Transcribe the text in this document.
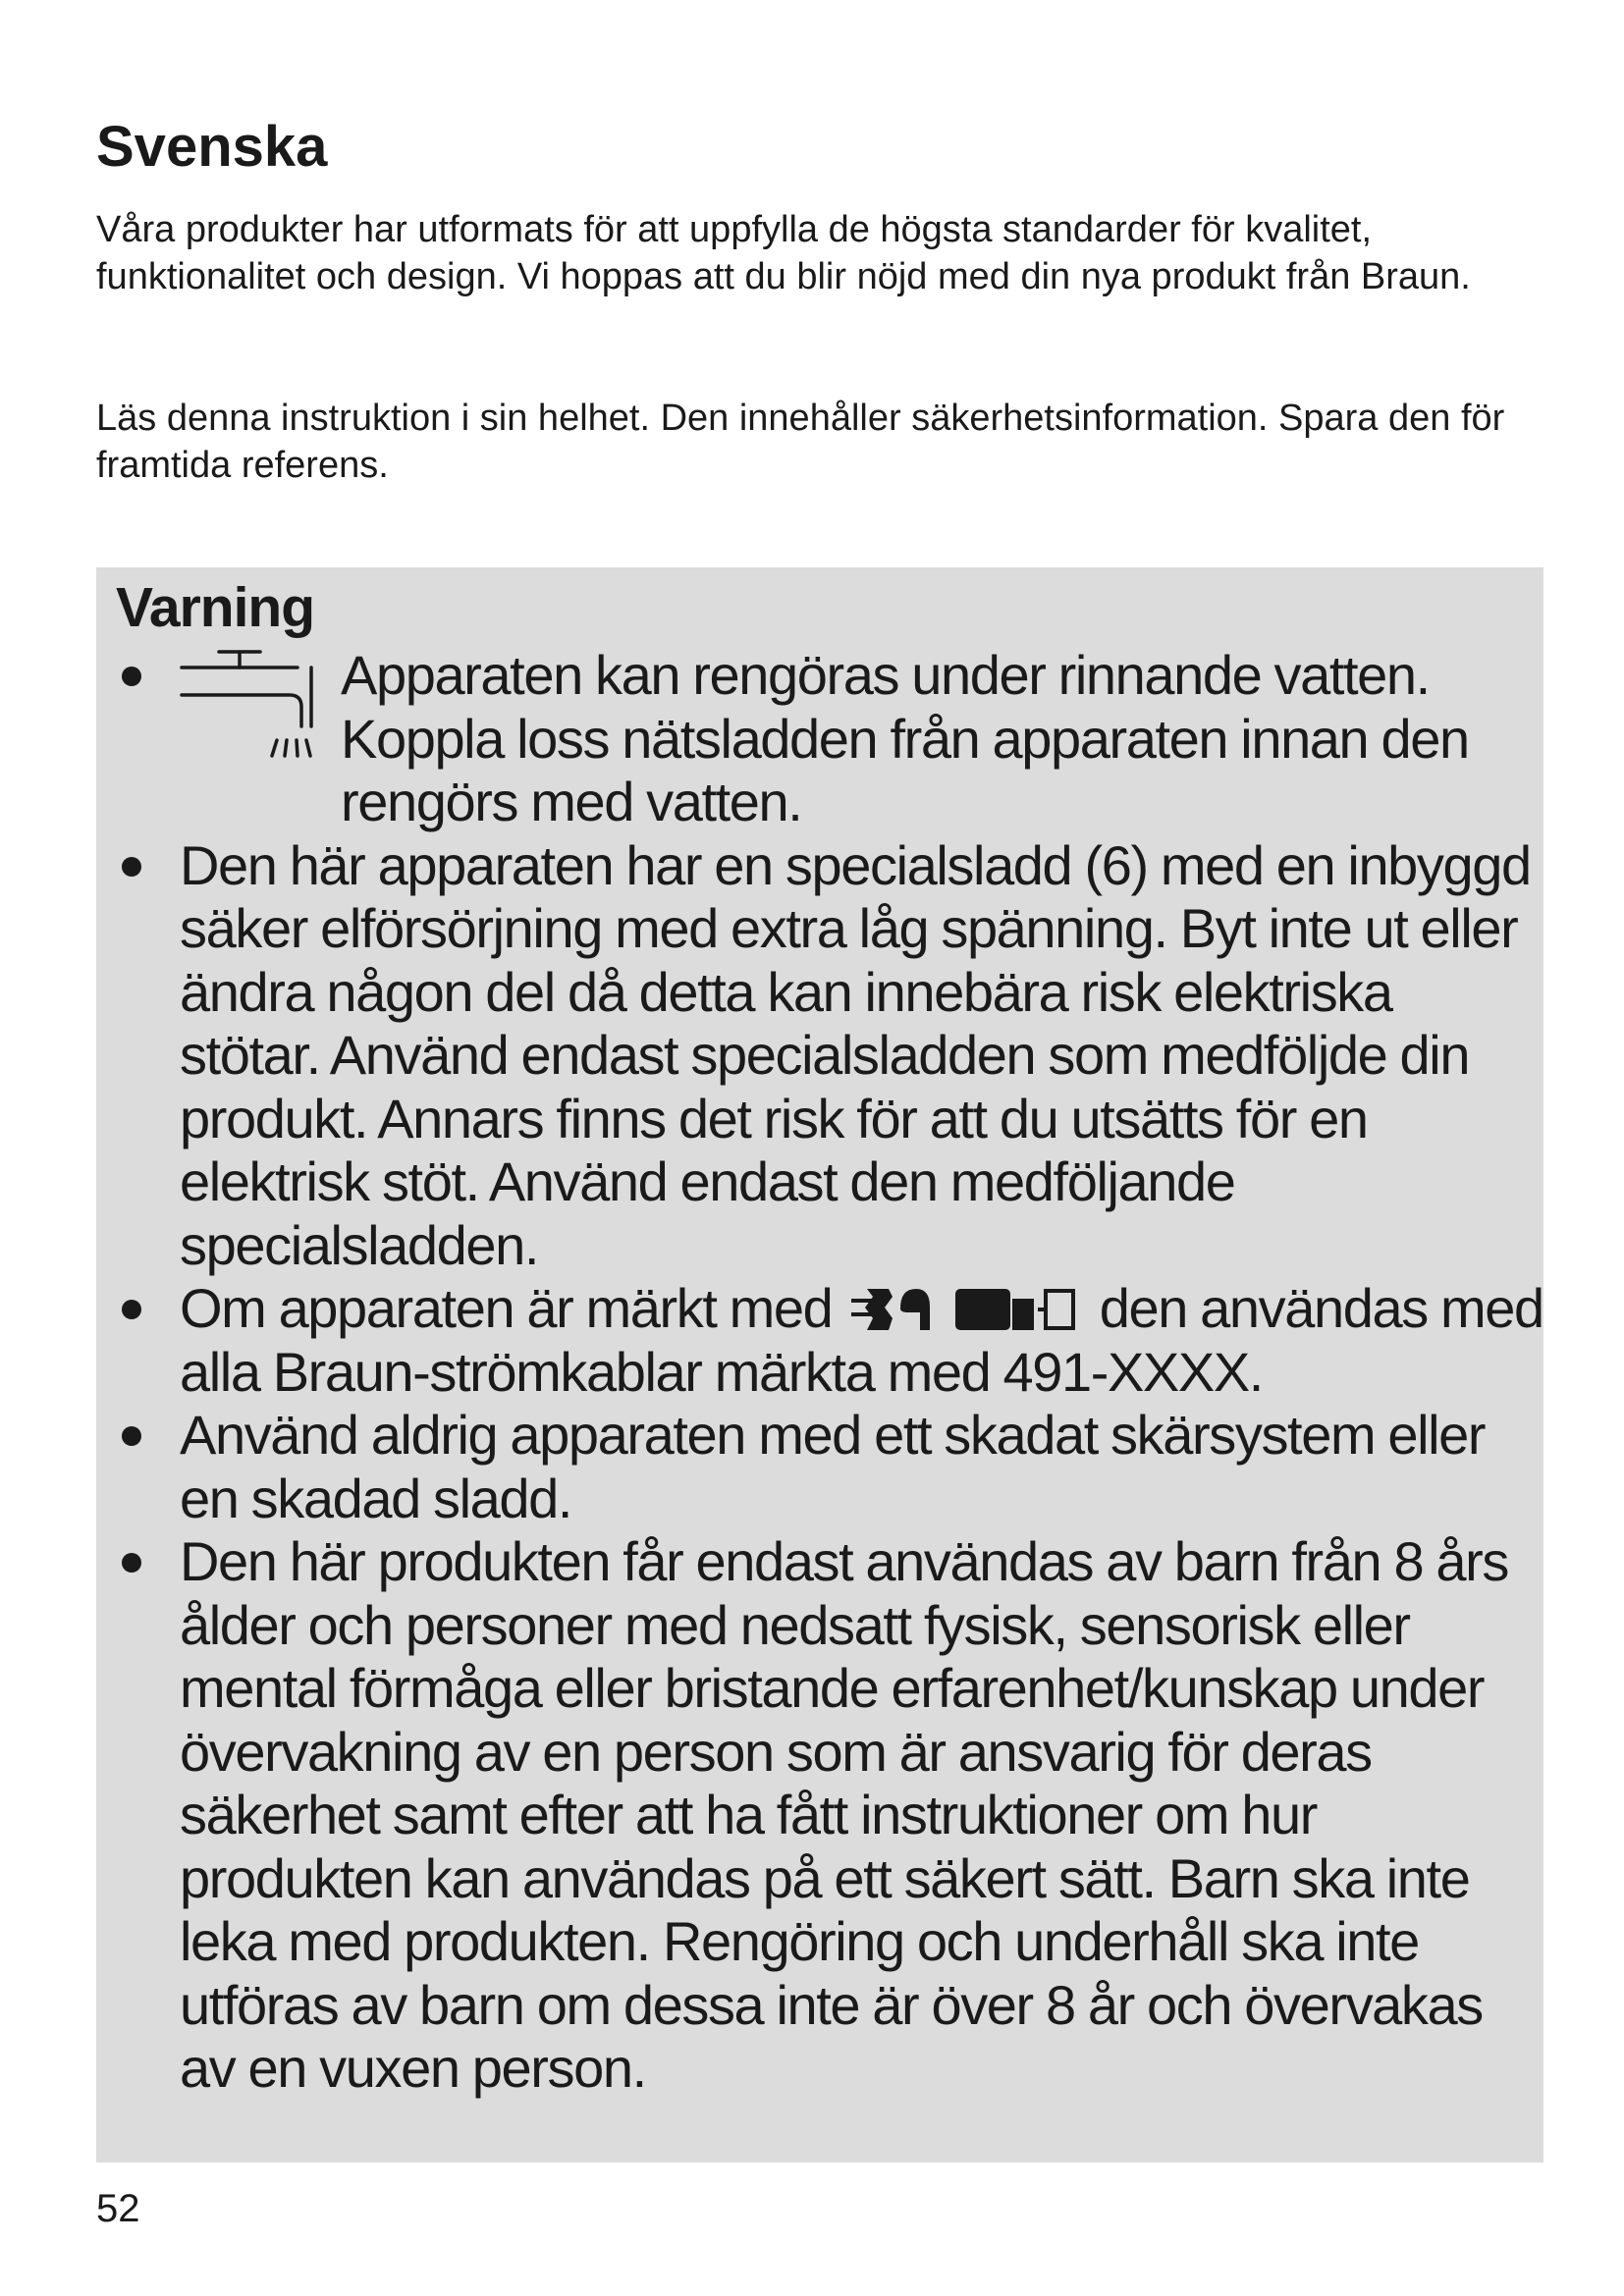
Svenska

Våra produkter har utformats för att uppfylla de högsta standarder för kvalitet, funktionalitet och design. Vi hoppas att du blir nöjd med din nya produkt från Braun.

Läs denna instruktion i sin helhet. Den innehåller säkerhetsinformation. Spara den för framtida referens.

Varning
Apparaten kan rengöras under rinnande vatten. Koppla loss nätsladden från apparaten innan den rengörs med vatten.
Den här apparaten har en specialsladd (6) med en inbyggd säker elförsörjning med extra låg spänning. Byt inte ut eller ändra någon del då detta kan innebära risk elektriska stötar. Använd endast specialsladden som medföljde din produkt. Annars finns det risk för att du utsätts för en elektrisk stöt. Använd endast den medföljande specialsladden.
Om apparaten är märkt med	den användas med alla Braun-strömkablar märkta med 491-XXXX.
Använd aldrig apparaten med ett skadat skärsystem eller en skadad sladd.
Den här produkten får endast användas av barn från 8 års ålder och personer med nedsatt fysisk, sensorisk eller mental förmåga eller bristande erfarenhet/kunskap under övervakning av en person som är ansvarig för deras säkerhet samt efter att ha fått instruktioner om hur produkten kan användas på ett säkert sätt. Barn ska inte leka med produkten. Rengöring och underhåll ska inte utföras av barn om dessa inte är över 8 år och övervakas av en vuxen person.

52
